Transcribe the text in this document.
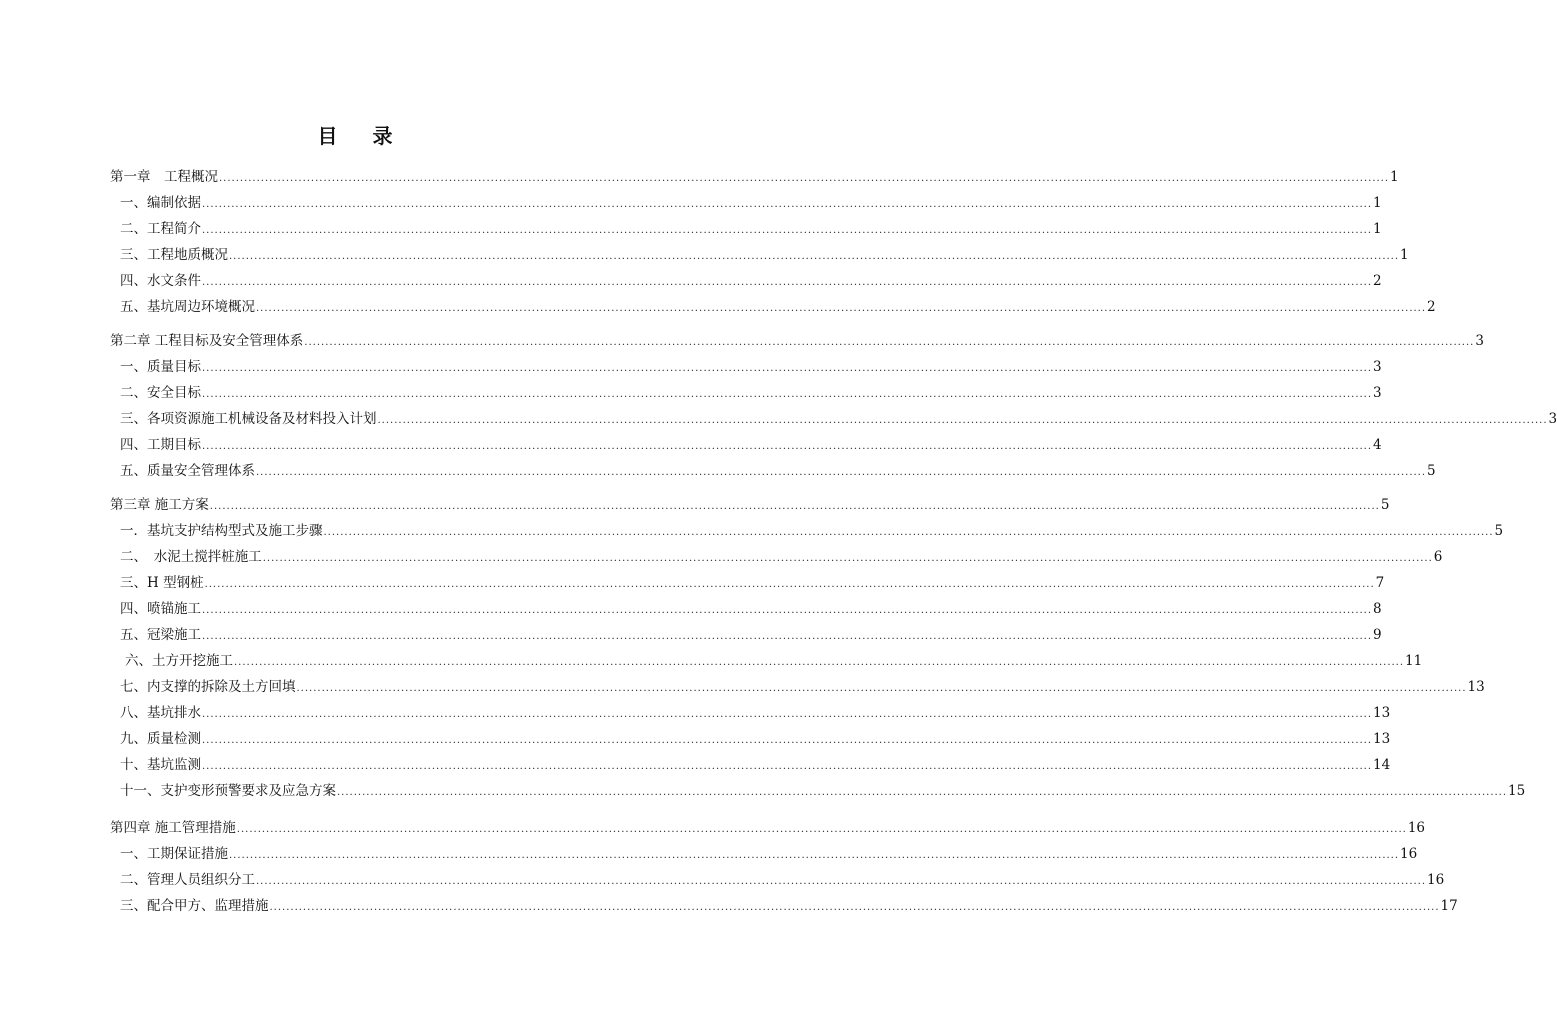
目 录
第一章　工程概况 ........................................................................................................................................................................................................................................................................................ 1
一、编制依据 ........................................................................................................................................................................................................................................................................................ 1
二、工程简介 ........................................................................................................................................................................................................................................................................................ 1
三、工程地质概况 ........................................................................................................................................................................................................................................................................................ 1
四、水文条件 ........................................................................................................................................................................................................................................................................................ 2
五、基坑周边环境概况 ........................................................................................................................................................................................................................................................................................ 2
第二章 工程目标及安全管理体系 ........................................................................................................................................................................................................................................................................................ 3
一、质量目标 ........................................................................................................................................................................................................................................................................................ 3
二、安全目标 ........................................................................................................................................................................................................................................................................................ 3
三、各项资源施工机械设备及材料投入计划 ........................................................................................................................................................................................................................................................................................ 3
四、工期目标 ........................................................................................................................................................................................................................................................................................ 4
五、质量安全管理体系 ........................................................................................................................................................................................................................................................................................ 5
第三章 施工方案 ........................................................................................................................................................................................................................................................................................ 5
一．基坑支护结构型式及施工步骤 ........................................................................................................................................................................................................................................................................................ 5
二、　水泥土搅拌桩施工 ........................................................................................................................................................................................................................................................................................ 6
三、H 型钢桩 ........................................................................................................................................................................................................................................................................................ 7
四、喷锚施工 ........................................................................................................................................................................................................................................................................................ 8
五、冠梁施工 ........................................................................................................................................................................................................................................................................................ 9
六、土方开挖施工 ........................................................................................................................................................................................................................................................................................ 11
七、内支撑的拆除及土方回填 ........................................................................................................................................................................................................................................................................................ 13
八、基坑排水 ........................................................................................................................................................................................................................................................................................ 13
九、质量检测 ........................................................................................................................................................................................................................................................................................ 13
十、基坑监测 ........................................................................................................................................................................................................................................................................................ 14
十一、支护变形预警要求及应急方案 ........................................................................................................................................................................................................................................................................................ 15
第四章 施工管理措施 ........................................................................................................................................................................................................................................................................................ 16
一、工期保证措施 ........................................................................................................................................................................................................................................................................................ 16
二、管理人员组织分工 ........................................................................................................................................................................................................................................................................................ 16
三、配合甲方、监理措施 ........................................................................................................................................................................................................................................................................................ 17
